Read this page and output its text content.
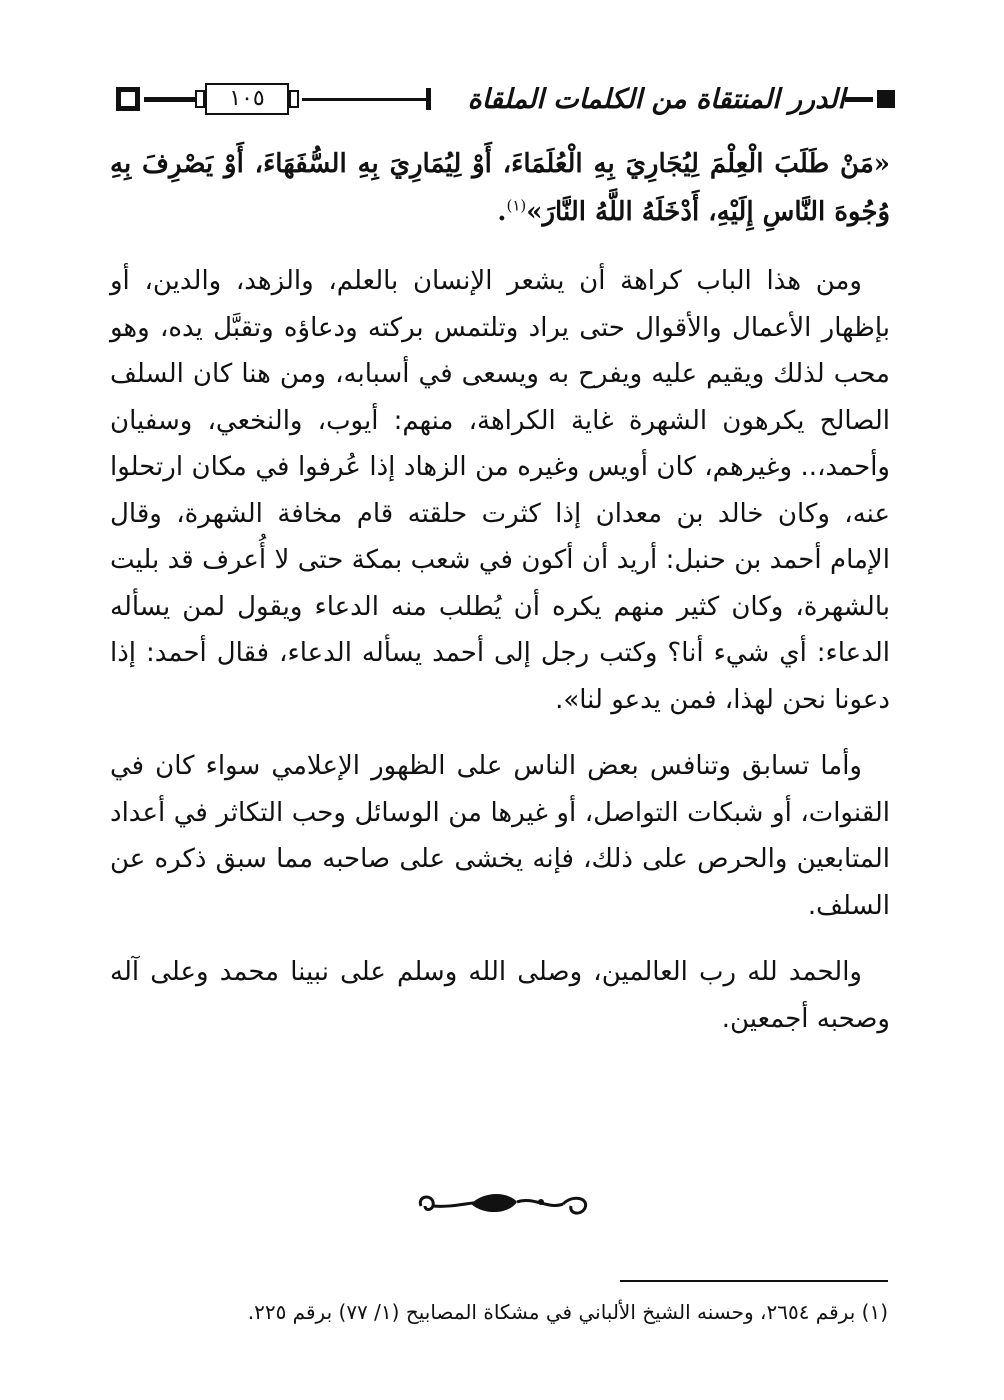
١٠٥	الدرر المنتقاة من الكلمات الملقاة

«مَنْ طَلَبَ الْعِلْمَ لِيُجَارِيَ بِهِ الْعُلَمَاءَ، أَوْ لِيُمَارِيَ بِهِ السُّفَهَاءَ، أَوْ يَصْرِفَ بِهِ وُجُوهَ النَّاسِ إِلَيْهِ، أَدْخَلَهُ اللَّهُ النَّارَ»$^{(١)}$.

ومن هذا الباب كراهة أن يشعر الإنسان بالعلم، والزهد، والدين، أو بإظهار الأعمال والأقوال حتى يراد وتلتمس بركته ودعاؤه وتقبَّل يده، وهو محب لذلك ويقيم عليه ويفرح به ويسعى في أسبابه، ومن هنا كان السلف الصالح يكرهون الشهرة غاية الكراهة، منهم: أيوب، والنخعي، وسفيان وأحمد،.. وغيرهم، كان أويس وغيره من الزهاد إذا عُرفوا في مكان ارتحلوا عنه، وكان خالد بن معدان إذا كثرت حلقته قام مخافة الشهرة، وقال الإمام أحمد بن حنبل: أريد أن أكون في شعب بمكة حتى لا أُعرف قد بليت بالشهرة، وكان كثير منهم يكره أن يُطلب منه الدعاء ويقول لمن يسأله الدعاء: أي شيء أنا؟ وكتب رجل إلى أحمد يسأله الدعاء، فقال أحمد: إذا دعونا نحن لهذا، فمن يدعو لنا».

وأما تسابق وتنافس بعض الناس على الظهور الإعلامي سواء كان في القنوات، أو شبكات التواصل، أو غيرها من الوسائل وحب التكاثر في أعداد المتابعين والحرص على ذلك، فإنه يخشى على صاحبه مما سبق ذكره عن السلف.

والحمد لله رب العالمين، وصلى الله وسلم على نبينا محمد وعلى آله وصحبه أجمعين.

(١) برقم ٢٦٥٤، وحسنه الشيخ الألباني في مشكاة المصابيح (١/ ٧٧) برقم ٢٢٥.
